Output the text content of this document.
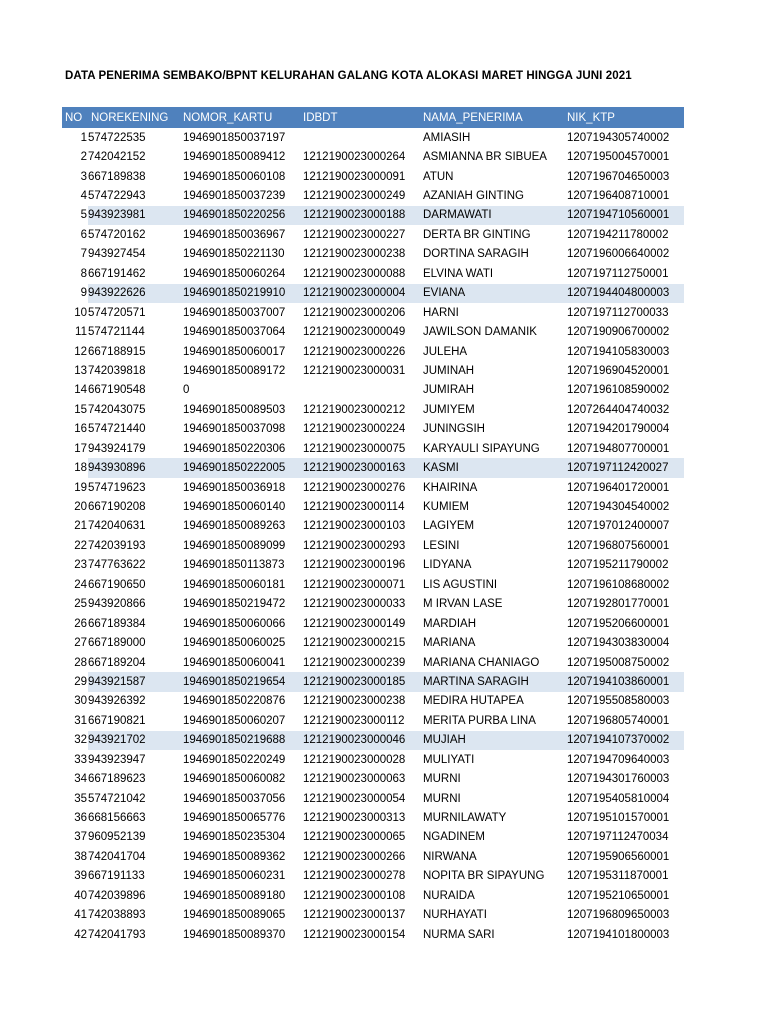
DATA PENERIMA SEMBAKO/BPNT KELURAHAN GALANG KOTA ALOKASI MARET HINGGA JUNI 2021
NO	NOREKENING	NOMOR_KARTU	IDBDT	NAMA_PENERIMA	NIK_KTP
1	574722535	1946901850037197		AMIASIH	1207194305740002
2	742042152	1946901850089412	1212190023000264	ASMIANNA BR SIBUEA	1207195004570001
3	667189838	1946901850060108	1212190023000091	ATUN	1207196704650003
4	574722943	1946901850037239	1212190023000249	AZANIAH GINTING	1207196408710001
5	943923981	1946901850220256	1212190023000188	DARMAWATI	1207194710560001
6	574720162	1946901850036967	1212190023000227	DERTA BR GINTING	1207194211780002
7	943927454	1946901850221130	1212190023000238	DORTINA SARAGIH	1207196006640002
8	667191462	1946901850060264	1212190023000088	ELVINA WATI	1207197112750001
9	943922626	1946901850219910	1212190023000004	EVIANA	1207194404800003
10	574720571	1946901850037007	1212190023000206	HARNI	1207197112700033
11	574721144	1946901850037064	1212190023000049	JAWILSON DAMANIK	1207190906700002
12	667188915	1946901850060017	1212190023000226	JULEHA	1207194105830003
13	742039818	1946901850089172	1212190023000031	JUMINAH	1207196904520001
14	667190548	0		JUMIRAH	1207196108590002
15	742043075	1946901850089503	1212190023000212	JUMIYEM	1207264404740032
16	574721440	1946901850037098	1212190023000224	JUNINGSIH	1207194201790004
17	943924179	1946901850220306	1212190023000075	KARYAULI SIPAYUNG	1207194807700001
18	943930896	1946901850222005	1212190023000163	KASMI	1207197112420027
19	574719623	1946901850036918	1212190023000276	KHAIRINA	1207196401720001
20	667190208	1946901850060140	1212190023000114	KUMIEM	1207194304540002
21	742040631	1946901850089263	1212190023000103	LAGIYEM	1207197012400007
22	742039193	1946901850089099	1212190023000293	LESINI	1207196807560001
23	747763622	1946901850113873	1212190023000196	LIDYANA	1207195211790002
24	667190650	1946901850060181	1212190023000071	LIS AGUSTINI	1207196108680002
25	943920866	1946901850219472	1212190023000033	M IRVAN LASE	1207192801770001
26	667189384	1946901850060066	1212190023000149	MARDIAH	1207195206600001
27	667189000	1946901850060025	1212190023000215	MARIANA	1207194303830004
28	667189204	1946901850060041	1212190023000239	MARIANA CHANIAGO	1207195008750002
29	943921587	1946901850219654	1212190023000185	MARTINA SARAGIH	1207194103860001
30	943926392	1946901850220876	1212190023000238	MEDIRA HUTAPEA	1207195508580003
31	667190821	1946901850060207	1212190023000112	MERITA PURBA LINA	1207196805740001
32	943921702	1946901850219688	1212190023000046	MUJIAH	1207194107370002
33	943923947	1946901850220249	1212190023000028	MULIYATI	1207194709640003
34	667189623	1946901850060082	1212190023000063	MURNI	1207194301760003
35	574721042	1946901850037056	1212190023000054	MURNI	1207195405810004
36	668156663	1946901850065776	1212190023000313	MURNILAWATY	1207195101570001
37	960952139	1946901850235304	1212190023000065	NGADINEM	1207197112470034
38	742041704	1946901850089362	1212190023000266	NIRWANA	1207195906560001
39	667191133	1946901850060231	1212190023000278	NOPITA BR SIPAYUNG	1207195311870001
40	742039896	1946901850089180	1212190023000108	NURAIDA	1207195210650001
41	742038893	1946901850089065	1212190023000137	NURHAYATI	1207196809650003
42	742041793	1946901850089370	1212190023000154	NURMA SARI	1207194101800003
